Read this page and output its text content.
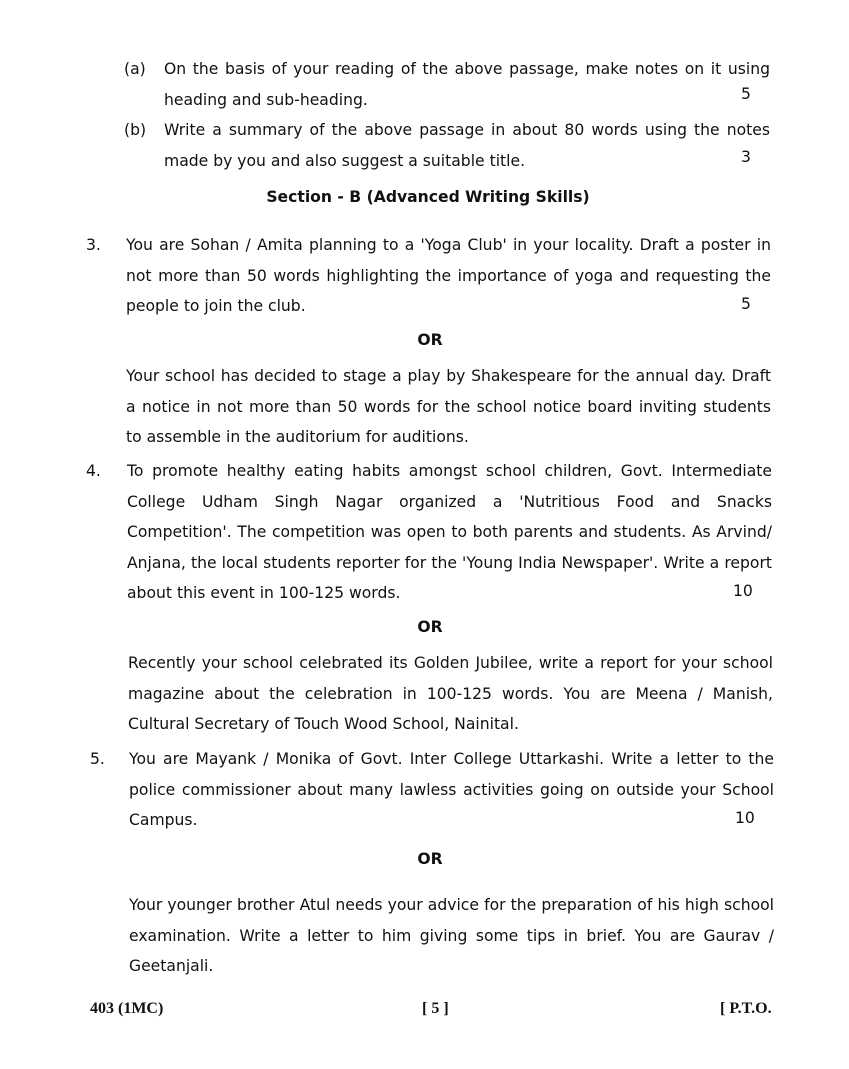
(a) On the basis of your reading of the above passage, make notes on it using heading and sub-heading.	5
(b) Write a summary of the above passage in about 80 words using the notes made by you and also suggest a suitable title.	3
Section - B (Advanced Writing Skills)
3. You are Sohan / Amita planning to a 'Yoga Club' in your locality. Draft a poster in not more than 50 words highlighting the importance of yoga and requesting the people to join the club.	5
OR
Your school has decided to stage a play by Shakespeare for the annual day. Draft a notice in not more than 50 words for the school notice board inviting students to assemble in the auditorium for auditions.
4. To promote healthy eating habits amongst school children, Govt. Intermediate College Udham Singh Nagar organized a 'Nutritious Food and Snacks Competition'. The competition was open to both parents and students. As Arvind/ Anjana, the local students reporter for the 'Young India Newspaper'. Write a report about this event in 100-125 words.	10
OR
Recently your school celebrated its Golden Jubilee, write a report for your school magazine about the celebration in 100-125 words. You are Meena / Manish, Cultural Secretary of Touch Wood School, Nainital.
5. You are Mayank / Monika of Govt. Inter College Uttarkashi. Write a letter to the police commissioner about many lawless activities going on outside your School Campus.	10
OR
Your younger brother Atul needs your advice for the preparation of his high school examination. Write a letter to him giving some tips in brief. You are Gaurav / Geetanjali.
403 (1MC)	[ 5 ]	[ P.T.O.
